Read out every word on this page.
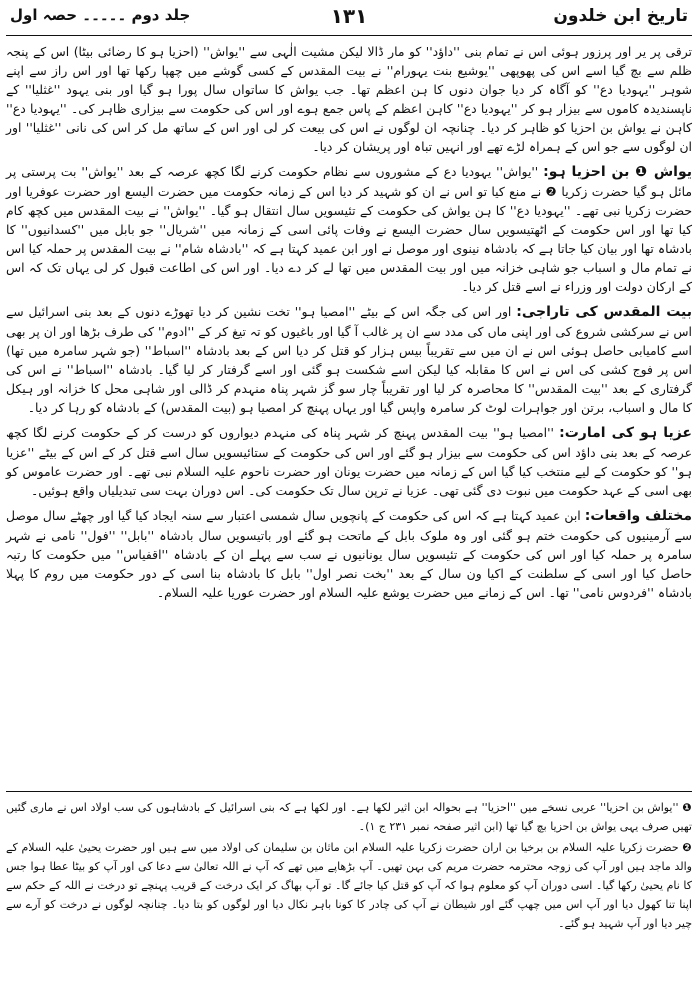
تاریخ ابن خلدون
۱۳۱
جلد دوم ۔۔۔۔۔ حصہ اول

ترقی پر یر اور پرزور ہوئی اس نے تمام بنی ''داؤد'' کو مار ڈالا لیکن مشیت الٰہی سے ''یواش'' (احزیا ہو کا رضائی بیٹا) اس کے پنجہ ظلم سے بچ گیا اسے اس کی پھوپھی ''یوشیع بنت یہورام'' نے بیت المقدس کے کسی گوشے میں چھپا رکھا تھا اور اس راز سے اپنے شوہر ''یہودیا دع'' کو آگاہ کر دیا جوان دنوں کا ہن اعظم تھا۔ جب یواش کا ساتواں سال پورا ہو گیا اور بنی یہود ''غثلیا'' کے ناپسندیدہ کاموں سے بیزار ہو کر ''یہودیا دع'' کاہن اعظم کے پاس جمع ہوے اور اس کی حکومت سے بیزاری ظاہر کی۔ ''یہودیا دع'' کاہن نے یواش بن احزیا کو ظاہر کر دیا۔ چنانچہ ان لوگوں نے اس کی بیعت کر لی اور اس کے ساتھ مل کر اس کی نانی ''غثلیا'' اور ان لوگوں سے جو اس کے ہمراہ لڑے تھے اور انہیں تباہ اور پریشان کر دیا۔

یواش ❶ بن احزیا ہو: ''یواش'' یہودیا دع کے مشوروں سے نظام حکومت کرنے لگا کچھ عرصہ کے بعد ''یواش'' بت پرستی پر مائل ہو گیا حضرت زکریا ❷ نے منع کیا تو اس نے ان کو شہید کر دیا اس کے زمانہ حکومت میں حضرت الیسع اور حضرت عوفریا اور حضرت زکریا نبی تھے۔ ''یہودیا دع'' کا ہن یواش کی حکومت کے تئیسویں سال انتقال ہو گیا۔ ''یواش'' نے بیت المقدس میں کچھ کام کیا تھا اور اس حکومت کے اٹھتیسویں سال حضرت الیسع نے وفات پائی اسی کے زمانہ میں ''شریال'' جو بابل میں ''کسدانیوں'' کا بادشاہ تھا اور بیان کیا جاتا ہے کہ بادشاہ نینوی اور موصل نے اور ابن عمید کہتا ہے کہ ''بادشاہ شام'' نے بیت المقدس پر حملہ کیا اس نے تمام مال و اسباب جو شاہی خزانہ میں اور بیت المقدس میں تھا لے کر دے دیا۔ اور اس کی اطاعت قبول کر لی یہاں تک کہ اس کے ارکان دولت اور وزراء نے اسے قتل کر دیا۔

بیت المقدس کی تاراجی: اور اس کی جگہ اس کے بیٹے ''امصیا ہو'' تخت نشین کر دیا تھوڑے دنوں کے بعد بنی اسرائیل سے اس نے سرکشی شروع کی اور اپنی ماں کی مدد سے ان پر غالب آ گیا اور باغیوں کو تہ تیغ کر کے ''ادوم'' کی طرف بڑھا اور ان پر بھی اسے کامیابی حاصل ہوئی اس نے ان میں سے تقریباً بیس ہزار کو قتل کر دیا اس کے بعد بادشاہ ''اسباط'' (جو شہر سامرہ میں تھا) اس پر فوج کشی کی اس نے اس کا مقابلہ کیا لیکن اسے شکست ہو گئی اور اسے گرفتار کر لیا گیا۔ بادشاہ ''اسباط'' نے اس کی گرفتاری کے بعد ''بیت المقدس'' کا محاصرہ کر لیا اور تقریباً چار سو گز شہر پناہ منہدم کر ڈالی اور شاہی محل کا خزانہ اور ہیکل کا مال و اسباب، برتن اور جواہرات لوٹ کر سامرہ واپس گیا اور یہاں پہنچ کر امصیا ہو (بیت المقدس) کے بادشاہ کو رہا کر دیا۔

عزیا ہو کی امارت: ''امصیا ہو'' بیت المقدس پہنچ کر شہر پناہ کی منہدم دیواروں کو درست کر کے حکومت کرنے لگا کچھ عرصہ کے بعد بنی داؤد اس کی حکومت سے بیزار ہو گئے اور اس کی حکومت کے ستائیسویں سال اسے قتل کر کے اس کے بیٹے ''عزیا ہو'' کو حکومت کے لیے منتخب کیا گیا اس کے زمانہ میں حضرت یونان اور حضرت ناحوم علیہ السلام نبی تھے۔ اور حضرت عاموس کو بھی اسی کے عہد حکومت میں نبوت دی گئی تھی۔ عزیا نے ترپن سال تک حکومت کی۔ اس دوران بہت سی تبدیلیاں واقع ہوئیں۔

مختلف واقعات: ابن عمید کہتا ہے کہ اس کی حکومت کے پانچویں سال شمسی اعتبار سے سنہ ایجاد کیا گیا اور چھٹے سال موصل سے آرمینیوں کی حکومت ختم ہو گئی اور وہ ملوک بابل کے ماتحت ہو گئے اور باتیسویں سال بادشاہ ''بابل'' ''فول'' نامی نے شہر سامرہ پر حملہ کیا اور اس کی حکومت کے تئیسویں سال یونانیوں نے سب سے پہلے ان کے بادشاہ ''اقفیاس'' میں حکومت کا رتبہ حاصل کیا اور اسی کے سلطنت کے اکیا ون سال کے بعد ''بخت نصر اول'' بابل کا بادشاہ بنا اسی کے دور حکومت میں روم کا پہلا بادشاہ ''فردوس نامی'' تھا۔ اس کے زمانے میں حضرت یوشع علیہ السلام اور حضرت عوریا علیہ السلام۔

❶ ''یواش بن احزیا'' عربی نسخے میں ''احزیا'' ہے بحوالہ ابن اثیر لکھا ہے۔ اور لکھا ہے کہ بنی اسرائیل کے بادشاہوں کی سب اولاد اس نے ماری گئیں تھیں صرف یہی یواش بن احزیا بچ گیا تھا (ابن اثیر صفحہ نمبر ۲۳۱ ج ۱)۔

❷ حضرت زکریا علیہ السلام بن برخیا بن اران حضرت زکریا علیہ السلام ابن ماثان بن سلیمان کی اولاد میں سے ہیں اور حضرت یحییٰ علیہ السلام کے والد ماجد ہیں اور آپ کی زوجہ محترمہ حضرت مریم کی بہن تھیں۔ آپ بڑھاپے میں تھے کہ آپ نے اللہ تعالیٰ سے دعا کی اور آپ کو بیٹا عطا ہوا جس کا نام یحییٰ رکھا گیا۔ اسی دوران آپ کو معلوم ہوا کہ آپ کو قتل کیا جائے گا۔ تو آپ بھاگ کر ایک درخت کے قریب پہنچے تو درخت نے اللہ کے حکم سے اپنا تنا کھول دیا اور آپ اس میں چھپ گئے اور شیطان نے آپ کی چادر کا کونا باہر نکال دیا اور لوگوں کو بتا دیا۔ چنانچہ لوگوں نے درخت کو آرے سے چیر دیا اور آپ شہید ہو گئے۔
